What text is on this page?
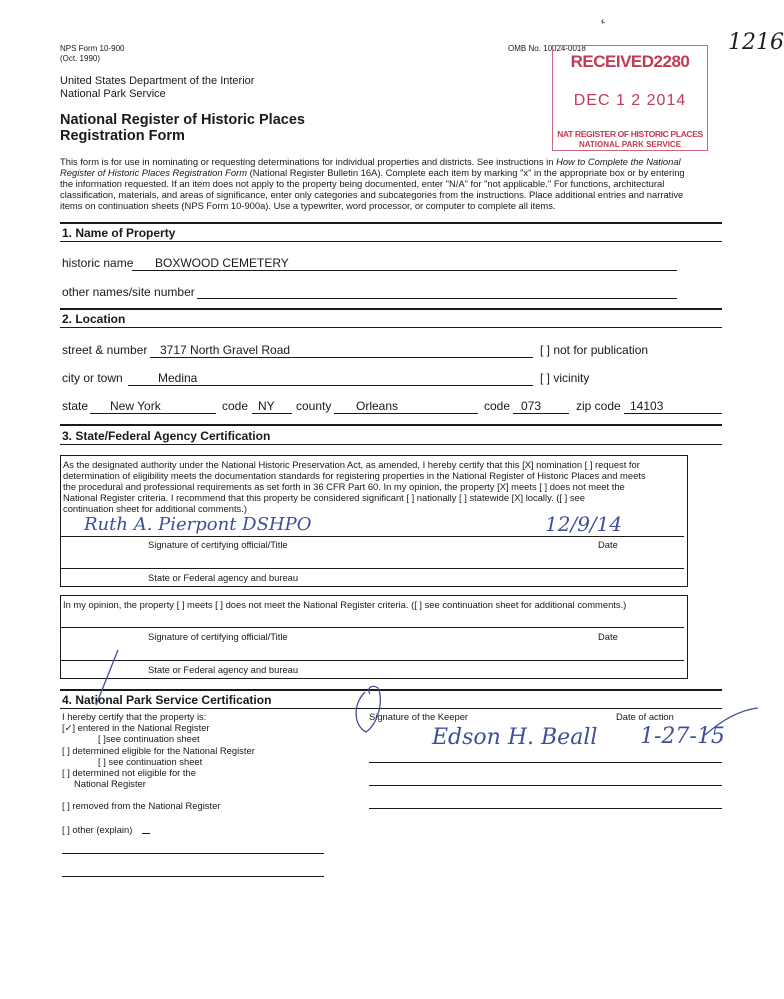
1216
NPS Form 10-900
(Oct. 1990)
OMB No. 10024-0018
United States Department of the Interior
National Park Service
National Register of Historic Places
Registration Form
RECEIVED2280
DEC 1 2 2014
NAT REGISTER OF HISTORIC PLACES
NATIONAL PARK SERVICE
This form is for use in nominating or requesting determinations for individual properties and districts. See instructions in How to Complete the National
Register of Historic Places Registration Form (National Register Bulletin 16A). Complete each item by marking "x" in the appropriate box or by entering
the information requested. If an item does not apply to the property being documented, enter "N/A" for "not applicable." For functions, architectural
classification, materials, and areas of significance, enter only categories and subcategories from the instructions. Place additional entries and narrative
items on continuation sheets (NPS Form 10-900a). Use a typewriter, word processor, or computer to complete all items.
1. Name of Property
historic name BOXWOOD CEMETERY
other names/site number
2. Location
street & number 3717 North Gravel Road	[ ] not for publication
city or town	Medina	[ ] vicinity
state New York	code NY county Orleans	code 073	zip code 14103
3. State/Federal Agency Certification
As the designated authority under the National Historic Preservation Act, as amended, I hereby certify that this [X] nomination [ ] request for
determination of eligibility meets the documentation standards for registering properties in the National Register of Historic Places and meets
the procedural and professional requirements as set forth in 36 CFR Part 60. In my opinion, the property [X] meets [ ] does not meet the
National Register criteria. I recommend that this property be considered significant [ ] nationally [ ] statewide [X] locally. ([ ] see
continuation sheet for additional comments.)
Ruth A. Pierpont DSHPO	12/9/14
Signature of certifying official/Title	Date
State or Federal agency and bureau
In my opinion, the property [ ] meets [ ] does not meet the National Register criteria. ([ ] see continuation sheet for additional comments.)
Signature of certifying official/Title	Date
State or Federal agency and bureau
4. National Park Service Certification
I hereby certify that the property is:
[✓] entered in the National Register
[ ]see continuation sheet
[ ] determined eligible for the National Register
[ ] see continuation sheet
[ ] determined not eligible for the
National Register
[ ] removed from the National Register
[ ] other (explain)
Signature of the Keeper	Date of action
Edson H. Beall 1-27-15
